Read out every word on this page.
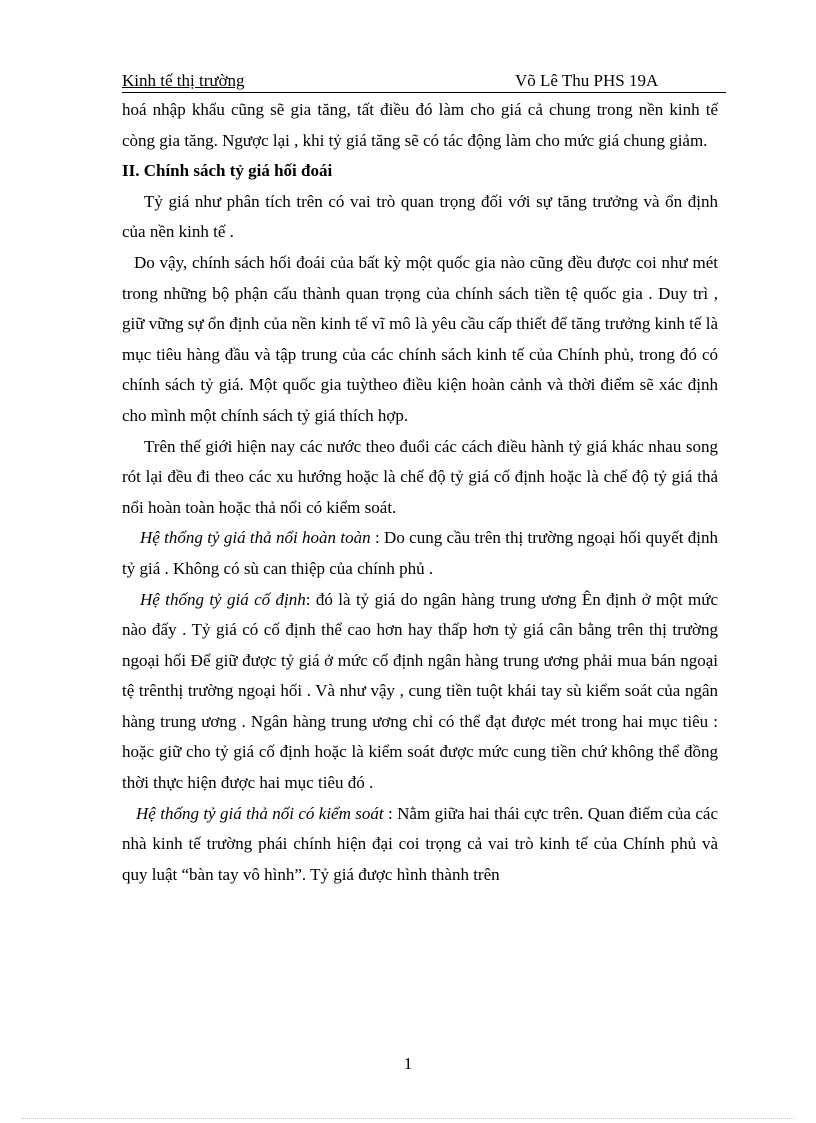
Kinh tế thị trường	Võ Lê Thu PHS 19A

hoá nhập khẩu cũng sẽ gia tăng, tất điều đó làm cho giá cả chung trong nền kinh tế còng gia tăng. Ngược lại , khi tỷ giá tăng sẽ có tác động làm cho mức giá chung giảm.

II. Chính sách tỷ giá hối đoái

Tỷ giá như phân tích trên có vai trò quan trọng đối với sự tăng trưởng và ổn định của nền kinh tế .

Do vậy, chính sách hối đoái của bất kỳ một quốc gia nào cũng đều được coi như mét trong những bộ phận cấu thành quan trọng của chính sách tiền tệ quốc gia . Duy trì , giữ vững sự ổn định của nền kinh tế vĩ mô là yêu cầu cấp thiết để tăng trưởng kinh tế là mục tiêu hàng đầu và tập trung của các chính sách kinh tế của Chính phủ, trong đó có chính sách tỷ giá. Một quốc gia tuỳtheo điều kiện hoàn cảnh và thời điểm sẽ xác định cho mình một chính sách tỷ giá thích hợp.

Trên thế giới hiện nay các nước theo đuổi các cách điều hành tỷ giá khác nhau song rót lại đều đi theo các xu hướng hoặc là chế độ tỷ giá cố định hoặc là chế độ tỷ giá thả nổi hoàn toàn hoặc thả nổi có kiểm soát.

Hệ thống tỷ giá thả nổi hoàn toàn : Do cung cầu trên thị trường ngoại hối quyết định tỷ giá . Không có sù can thiệp của chính phủ .

Hệ thống tỷ giá cố định: đó là tỷ giá do ngân hàng trung ương Ên định ở một mức nào đấy . Tỷ giá có cố định thể cao hơn hay thấp hơn tỷ giá cân bằng trên thị trường ngoại hối Để giữ được tỷ giá ở mức cố định ngân hàng trung ương phải mua bán ngoại tệ trênthị trường ngoại hối . Và như vậy , cung tiền tuột khái tay sù kiểm soát của ngân hàng trung ương . Ngân hàng trung ương chỉ có thể đạt được mét trong hai mục tiêu : hoặc giữ cho tỷ giá cố định hoặc là kiểm soát được mức cung tiền chứ không thể đồng thời thực hiện được hai mục tiêu đó .

Hệ thống tỷ giá thả nổi có kiểm soát : Nằm giữa hai thái cực trên. Quan điểm của các nhà kinh tế trường phái chính hiện đại coi trọng cả vai trò kinh tế của Chính phủ và quy luật “bàn tay vô hình”. Tỷ giá được hình thành trên

1
